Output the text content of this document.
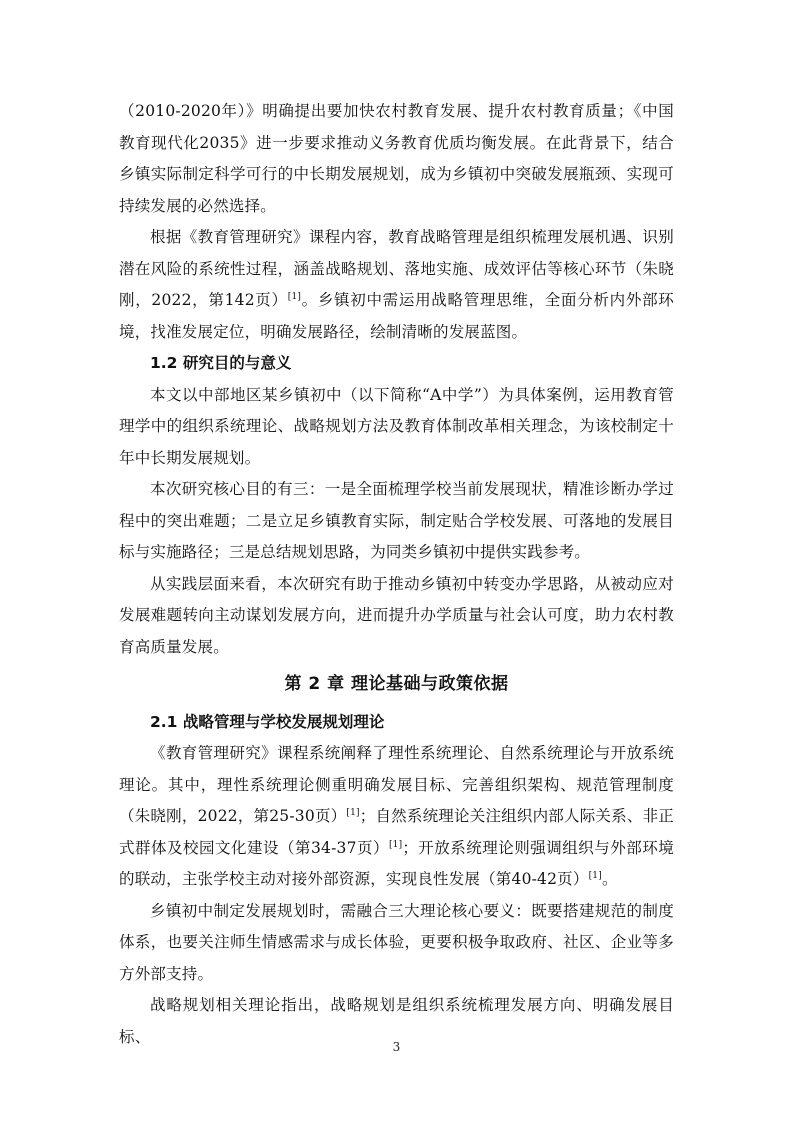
（2010-2020年）》明确提出要加快农村教育发展、提升农村教育质量；《中国教育现代化2035》进一步要求推动义务教育优质均衡发展。在此背景下，结合乡镇实际制定科学可行的中长期发展规划，成为乡镇初中突破发展瓶颈、实现可持续发展的必然选择。

根据《教育管理研究》课程内容，教育战略管理是组织梳理发展机遇、识别潜在风险的系统性过程，涵盖战略规划、落地实施、成效评估等核心环节（朱晓刚，2022，第142页）[1]。乡镇初中需运用战略管理思维，全面分析内外部环境，找准发展定位，明确发展路径，绘制清晰的发展蓝图。

1.2 研究目的与意义

本文以中部地区某乡镇初中（以下简称“A中学”）为具体案例，运用教育管理学中的组织系统理论、战略规划方法及教育体制改革相关理念，为该校制定十年中长期发展规划。

本次研究核心目的有三：一是全面梳理学校当前发展现状，精准诊断办学过程中的突出难题；二是立足乡镇教育实际，制定贴合学校发展、可落地的发展目标与实施路径；三是总结规划思路，为同类乡镇初中提供实践参考。

从实践层面来看，本次研究有助于推动乡镇初中转变办学思路，从被动应对发展难题转向主动谋划发展方向，进而提升办学质量与社会认可度，助力农村教育高质量发展。

第 2 章 理论基础与政策依据
2.1 战略管理与学校发展规划理论

《教育管理研究》课程系统阐释了理性系统理论、自然系统理论与开放系统理论。其中，理性系统理论侧重明确发展目标、完善组织架构、规范管理制度（朱晓刚，2022，第25-30页）[1]；自然系统理论关注组织内部人际关系、非正式群体及校园文化建设（第34-37页）[1]；开放系统理论则强调组织与外部环境的联动，主张学校主动对接外部资源，实现良性发展（第40-42页）[1]。

乡镇初中制定发展规划时，需融合三大理论核心要义：既要搭建规范的制度体系，也要关注师生情感需求与成长体验，更要积极争取政府、社区、企业等多方外部支持。

战略规划相关理论指出，战略规划是组织系统梳理发展方向、明确发展目标、

3
